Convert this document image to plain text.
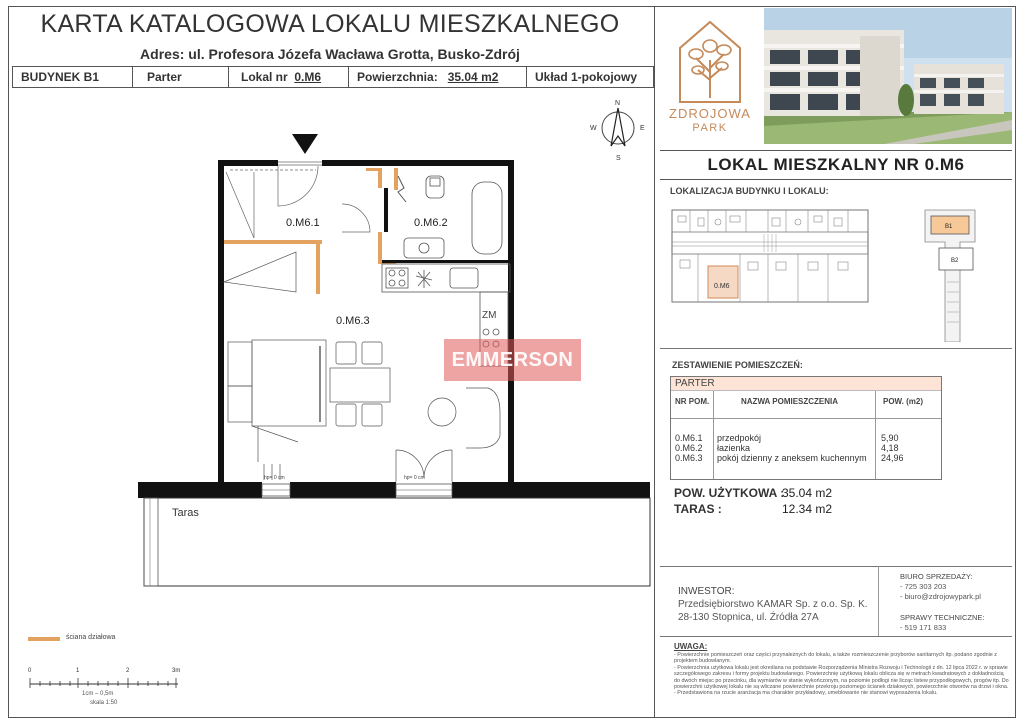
KARTA KATALOGOWA LOKALU MIESZKALNEGO
Adres: ul. Profesora Józefa Wacława Grotta, Busko-Zdrój
BUDYNEK B1	Parter	Lokal nr 0.M6	Powierzchnia: 35.04 m2	Układ 1-pokojowy
ZDROJOWA
PARK
LOKAL MIESZKALNY NR 0.M6
LOKALIZACJA BUDYNKU I LOKALU:
0.M6
B1
B2
ZESTAWIENIE POMIESZCZEŃ:
PARTER
NR POM.	NAZWA POMIESZCZENIA	POW. (m2)
0.M6.1 przedpokój	5,90
0.M6.2 łazienka	4,18
0.M6.3 pokój dzienny z aneksem kuchennym 24,96
POW. UŻYTKOWA :
35.04 m2
TARAS :	12.34 m2
INWESTOR:
Przedsiębiorstwo KAMAR Sp. z o.o. Sp. K.
28-130 Stopnica, ul. Źródła 27A
BIURO SPRZEDAŻY:
- 725 303 203
- biuro@zdrojowypark.pl
SPRAWY TECHNICZNE:
- 519 171 833
UWAGA:
- Powierzchnie pomieszczeń oraz części przynależnych do lokalu, a także rozmieszczenie przyborów sanitarnych itp. podano zgodnie z projektem budowlanym.
- Powierzchnia użytkowa lokalu jest określana na podstawie Rozporządzenia Ministra Rozwoju i Technologii z dn. 12 lipca 2022 r. w sprawie szczegółowego zakresu i formy projektu budowlanego. Powierzchnię użytkową lokalu oblicza się w metrach kwadratowych z dokładnością do dwóch miejsc po przecinku, dla wymiarów w stanie wykończonym, na poziomie podłogi nie licząc listew przypodłogowych, progów itp. Do powierzchni użytkowej lokalu nie są wliczane powierzchnie przekroju poziomego ścianek działowych, powierzchnie otworów na drzwi i okna.
- Przedstawiona na rzucie aranżacja ma charakter przykładowy, umeblowanie nie stanowi wyposażenia lokalu.
N
S
E
W
Taras
0.M6.1	0.M6.2
ZM
0.M6.3
hp= 0 cm	hp= 0 cm
EMMERSON
ściana działowa
0	1	2	3m
1cm – 0,5m
skala 1:50
